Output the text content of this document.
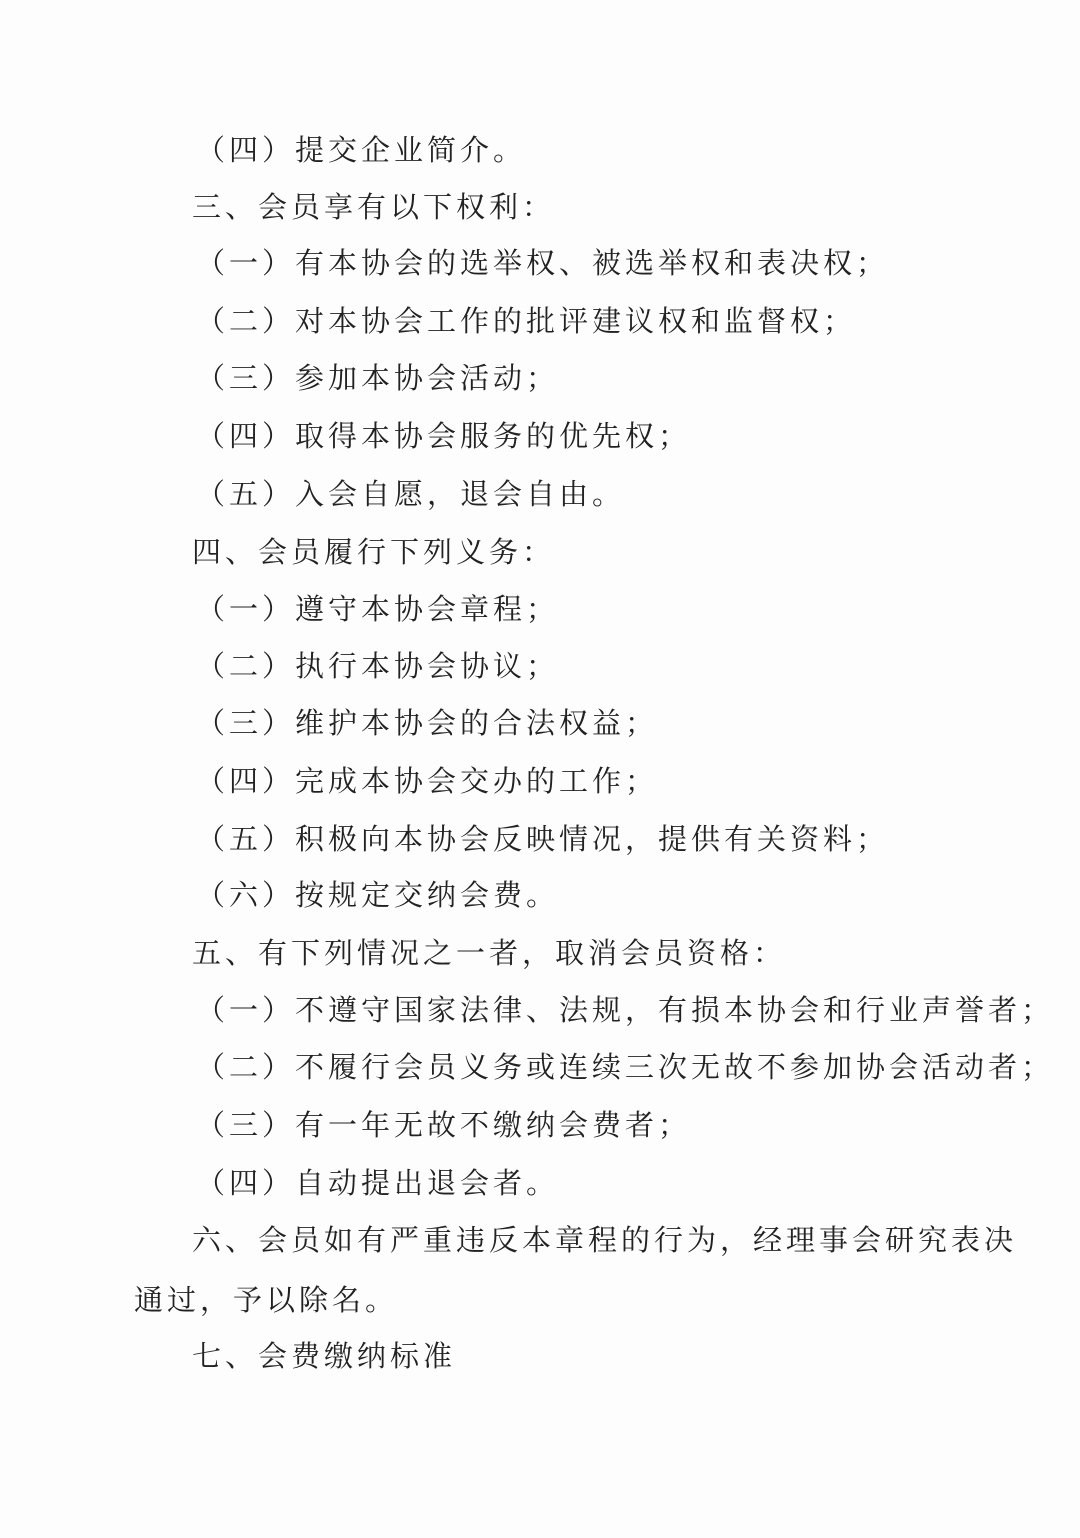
（四）提交企业简介。
三、会员享有以下权利：
（一）有本协会的选举权、被选举权和表决权；
（二）对本协会工作的批评建议权和监督权；
（三）参加本协会活动；
（四）取得本协会服务的优先权；
（五）入会自愿，退会自由。
四、会员履行下列义务：
（一）遵守本协会章程；
（二）执行本协会协议；
（三）维护本协会的合法权益；
（四）完成本协会交办的工作；
（五）积极向本协会反映情况，提供有关资料；
（六）按规定交纳会费。
五、有下列情况之一者，取消会员资格：
（一）不遵守国家法律、法规，有损本协会和行业声誉者；
（二）不履行会员义务或连续三次无故不参加协会活动者；
（三）有一年无故不缴纳会费者；
（四）自动提出退会者。
六、会员如有严重违反本章程的行为，经理事会研究表决
通过，予以除名。
七、会费缴纳标准
